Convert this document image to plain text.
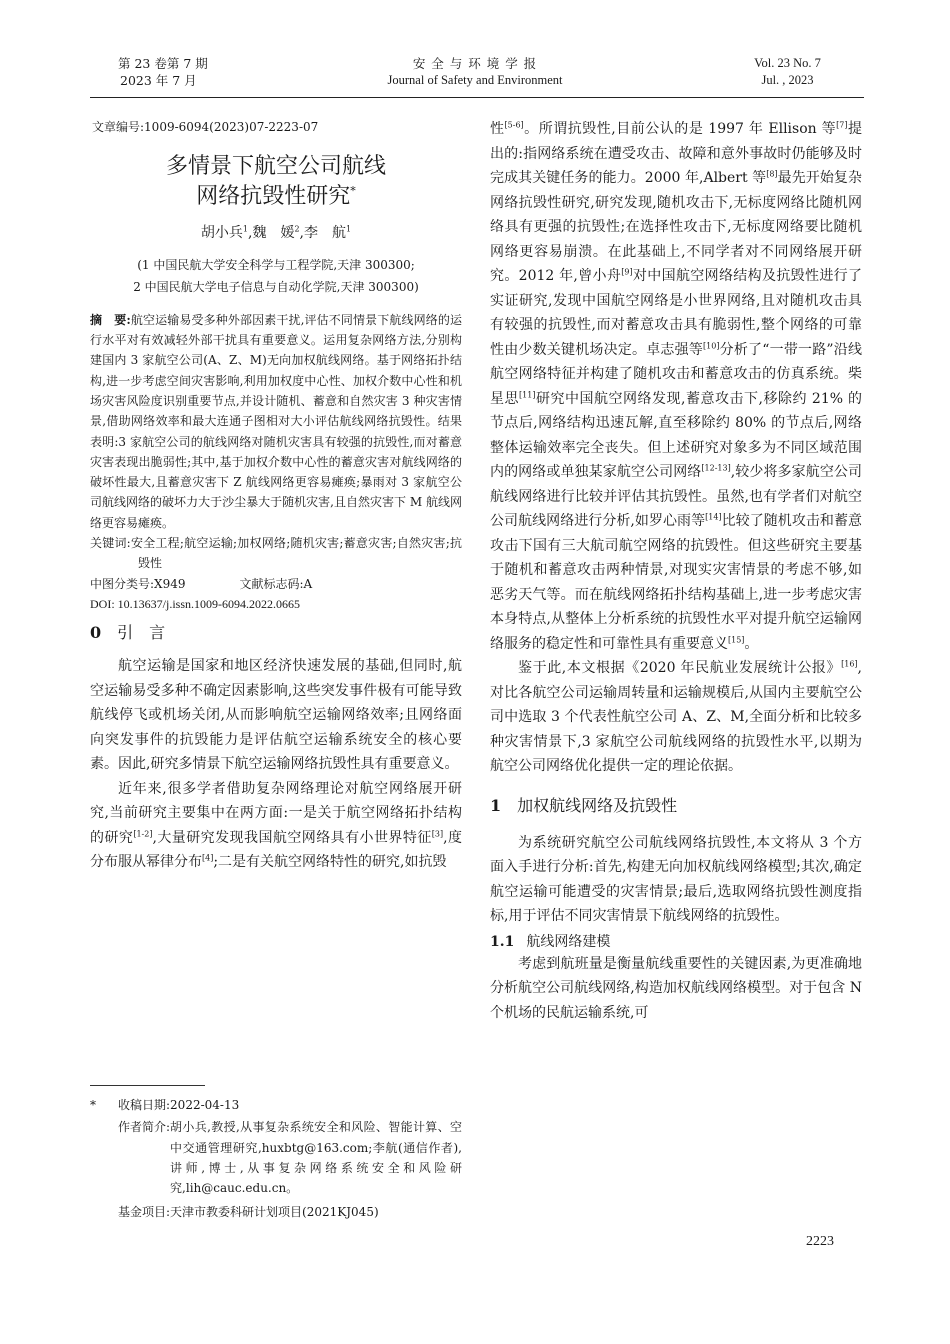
第 23 卷第 7 期
2023 年 7 月
安 全 与 环 境 学 报
Journal of Safety and Environment
Vol. 23 No. 7
Jul. , 2023
文章编号:1009-6094(2023)07-2223-07
多情景下航空公司航线
网络抗毁性研究*
胡小兵$^1$,魏　媛$^2$,李　航$^1$
(1 中国民航大学安全科学与工程学院,天津 300300;
2 中国民航大学电子信息与自动化学院,天津 300300)
摘　要:航空运输易受多种外部因素干扰,评估不同情景下航线网络的运行水平对有效减轻外部干扰具有重要意义。运用复杂网络方法,分别构建国内 3 家航空公司(A、Z、M)无向加权航线网络。基于网络拓扑结构,进一步考虑空间灾害影响,利用加权度中心性、加权介数中心性和机场灾害风险度识别重要节点,并设计随机、蓄意和自然灾害 3 种灾害情景,借助网络效率和最大连通子图相对大小评估航线网络抗毁性。结果表明:3 家航空公司的航线网络对随机灾害具有较强的抗毁性,而对蓄意灾害表现出脆弱性;其中,基于加权介数中心性的蓄意灾害对航线网络的破坏性最大,且蓄意灾害下 Z 航线网络更容易瘫痪;暴雨对 3 家航空公司航线网络的破坏力大于沙尘暴大于随机灾害,且自然灾害下 M 航线网络更容易瘫痪。
关键词:安全工程;航空运输;加权网络;随机灾害;蓄意灾害;自然灾害;抗毁性
中图分类号:X949	文献标志码:A
DOI: 10.13637/j.issn.1009-6094.2022.0665
0 引　言

航空运输是国家和地区经济快速发展的基础,但同时,航空运输易受多种不确定因素影响,这些突发事件极有可能导致航线停飞或机场关闭,从而影响航空运输网络效率;且网络面向突发事件的抗毁能力是评估航空运输系统安全的核心要素。因此,研究多情景下航空运输网络抗毁性具有重要意义。

近年来,很多学者借助复杂网络理论对航空网络展开研究,当前研究主要集中在两方面:一是关于航空网络拓扑结构的研究[1-2],大量研究发现我国航空网络具有小世界特征[3],度分布服从幂律分布[4];二是有关航空网络特性的研究,如抗毁

*	收稿日期: 2022-04-13
作者简介: 胡小兵,教授,从事复杂系统安全和风险、智能计算、空中交通管理研究,huxbtg@163.com;李航(通信作者),讲师,博士,从事复杂网络系统安全和风险研究,lih@cauc.edu.cn。
基金项目: 天津市教委科研计划项目(2021KJ045)

性[5-6]。所谓抗毁性,目前公认的是 1997 年 Ellison 等[7]提出的:指网络系统在遭受攻击、故障和意外事故时仍能够及时完成其关键任务的能力。2000 年,Albert 等[8]最先开始复杂网络抗毁性研究,研究发现,随机攻击下,无标度网络比随机网络具有更强的抗毁性;在选择性攻击下,无标度网络要比随机网络更容易崩溃。在此基础上,不同学者对不同网络展开研究。2012 年,曾小舟[9]对中国航空网络结构及抗毁性进行了实证研究,发现中国航空网络是小世界网络,且对随机攻击具有较强的抗毁性,而对蓄意攻击具有脆弱性,整个网络的可靠性由少数关键机场决定。卓志强等[10]分析了“一带一路”沿线航空网络特征并构建了随机攻击和蓄意攻击的仿真系统。柴星思[11]研究中国航空网络发现,蓄意攻击下,移除约 21% 的节点后,网络结构迅速瓦解,直至移除约 80% 的节点后,网络整体运输效率完全丧失。但上述研究对象多为不同区域范围内的网络或单独某家航空公司网络[12-13],较少将多家航空公司航线网络进行比较并评估其抗毁性。虽然,也有学者们对航空公司航线网络进行分析,如罗心雨等[14]比较了随机攻击和蓄意攻击下国有三大航司航空网络的抗毁性。但这些研究主要基于随机和蓄意攻击两种情景,对现实灾害情景的考虑不够,如恶劣天气等。而在航线网络拓扑结构基础上,进一步考虑灾害本身特点,从整体上分析系统的抗毁性水平对提升航空运输网络服务的稳定性和可靠性具有重要意义[15]。

鉴于此,本文根据《2020 年民航业发展统计公报》[16],对比各航空公司运输周转量和运输规模后,从国内主要航空公司中选取 3 个代表性航空公司 A、Z、M,全面分析和比较多种灾害情景下,3 家航空公司航线网络的抗毁性水平,以期为航空公司网络优化提供一定的理论依据。

1 加权航线网络及抗毁性

为系统研究航空公司航线网络抗毁性,本文将从 3 个方面入手进行分析:首先,构建无向加权航线网络模型;其次,确定航空运输可能遭受的灾害情景;最后,选取网络抗毁性测度指标,用于评估不同灾害情景下航线网络的抗毁性。

1.1 航线网络建模

考虑到航班量是衡量航线重要性的关键因素,为更准确地分析航空公司航线网络,构造加权航线网络模型。对于包含 N 个机场的民航运输系统,可

2223
